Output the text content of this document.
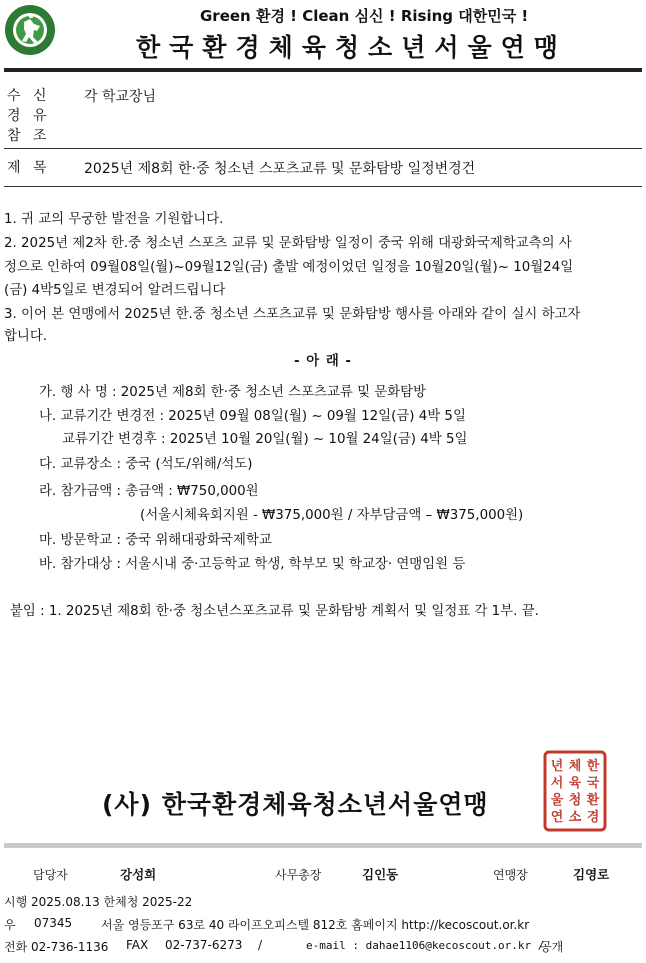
Green 환경 ! Clean 심신 ! Rising 대한민국 !
한국환경체육청소년서울연맹
수 신 각 학교장님
경 유
참 조
제 목 2025년 제8회 한·중 청소년 스포츠교류 및 문화탐방 일정변경건
1. 귀 교의 무궁한 발전을 기원합니다.
2. 2025년 제2차 한.중 청소년 스포츠 교류 및 문화탐방 일정이 중국 위해 대광화국제학교측의 사
정으로 인하여 09월08일(월)~09월12일(금) 출발 예정이었던 일정을 10월20일(월)~ 10월24일
(금) 4박5일로 변경되어 알려드립니다
3. 이어 본 연맹에서 2025년 한.중 청소년 스포츠교류 및 문화탐방 행사를 아래와 같이 실시 하고자
합니다.
- 아 래 -
가. 행 사 명 : 2025년 제8회 한·중 청소년 스포츠교류 및 문화탐방
나. 교류기간 변경전 : 2025년 09월 08일(월) ~ 09월 12일(금) 4박 5일
교류기간 변경후 : 2025년 10월 20일(월) ~ 10월 24일(금) 4박 5일
다. 교류장소 : 중국 (석도/위해/석도)
라. 참가금액 : 총금액 : ₩750,000원
(서울시체육회지원 - ₩375,000원 / 자부담금액 – ₩375,000원)
마. 방문학교 : 중국 위해대광화국제학교
바. 참가대상 : 서울시내 중·고등학교 학생, 학부모 및 학교장· 연맹임원 등
붙임 : 1. 2025년 제8회 한·중 청소년스포츠교류 및 문화탐방 계획서 및 일정표 각 1부. 끝.
(사) 한국환경체육청소년서울연맹
한
국
환
경
체
육
청
소
년
서
울
연
담당자	강성희	사무총장	김인동	연맹장	김영로
시행 2025.08.13 한체청 2025-22
우 07345 서울 영등포구 63로 40 라이프오피스텔 812호 홈페이지 http://kecoscout.or.kr
전화 02-736-1136 FAX 02-737-6273 /	e-mail : dahae1106@kecoscout.or.kr /
공개
